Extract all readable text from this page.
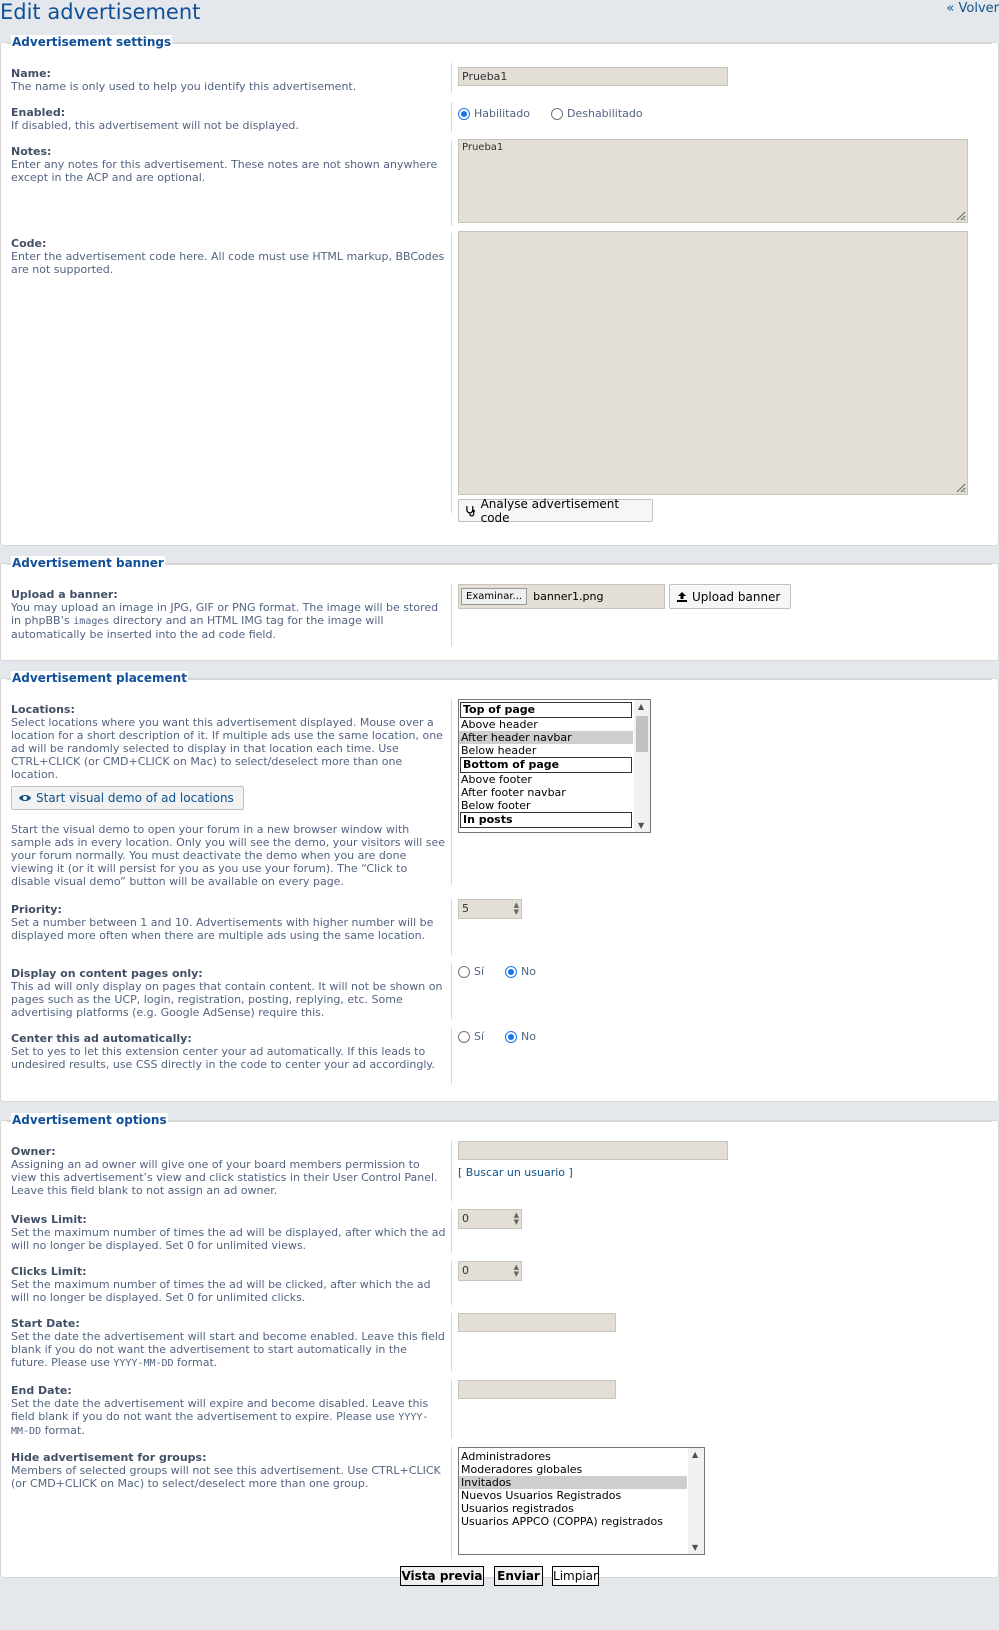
Edit advertisement	« Volver
Advertisement settings
Name:
The name is only used to help you identify this advertisement.
Prueba1
Enabled:
If disabled, this advertisement will not be displayed.
Habilitado	Deshabilitado
Notes:
Enter any notes for this advertisement. These notes are not shown anywhere except in the ACP and are optional.
Prueba1
Code:
Enter the advertisement code here. All code must use HTML markup, BBCodes are not supported.
Analyse advertisement code
Advertisement banner
Upload a banner:
You may upload an image in JPG, GIF or PNG format. The image will be stored in phpBB’s images directory and an HTML IMG tag for the image will automatically be inserted into the ad code field.
Examinar...	banner1.png	Upload banner
Advertisement placement
Locations:
Select locations where you want this advertisement displayed. Mouse over a location for a short description of it. If multiple ads use the same location, one ad will be randomly selected to display in that location each time. Use CTRL+CLICK (or CMD+CLICK on Mac) to select/deselect more than one location.
Start visual demo of ad locations
Start the visual demo to open your forum in a new browser window with sample ads in every location. Only you will see the demo, your visitors will see your forum normally. You must deactivate the demo when you are done viewing it (or it will persist for you as you use your forum). The “Click to disable visual demo” button will be available on every page.
Top of page
Above header
After header navbar
Below header
Bottom of page
Above footer
After footer navbar
Below footer
In posts
▲
▼
Priority:
Set a number between 1 and 10. Advertisements with higher number will be displayed more often when there are multiple ads using the same location.
5	▲
▼
Display on content pages only:
This ad will only display on pages that contain content. It will not be shown on pages such as the UCP, login, registration, posting, replying, etc. Some advertising platforms (e.g. Google AdSense) require this.
Sí	No
Center this ad automatically:
Set to yes to let this extension center your ad automatically. If this leads to undesired results, use CSS directly in the code to center your ad accordingly.
Sí	No
Advertisement options
Owner:
Assigning an ad owner will give one of your board members permission to view this advertisement’s view and click statistics in their User Control Panel. Leave this field blank to not assign an ad owner.
[ Buscar un usuario ]
Views Limit:
Set the maximum number of times the ad will be displayed, after which the ad will no longer be displayed. Set 0 for unlimited views.
0	▲
▼
Clicks Limit:
Set the maximum number of times the ad will be clicked, after which the ad will no longer be displayed. Set 0 for unlimited clicks.
0	▲
▼
Start Date:
Set the date the advertisement will start and become enabled. Leave this field blank if you do not want the advertisement to start automatically in the future. Please use YYYY-MM-DD format.
End Date:
Set the date the advertisement will expire and become disabled. Leave this field blank if you do not want the advertisement to expire. Please use YYYY-MM-DD format.
Hide advertisement for groups:
Members of selected groups will not see this advertisement. Use CTRL+CLICK (or CMD+CLICK on Mac) to select/deselect more than one group.
Administradores
Moderadores globales
Invitados
Nuevos Usuarios Registrados
Usuarios registrados
Usuarios APPCO (COPPA) registrados
▲
▼
Vista previa Enviar Limpiar
